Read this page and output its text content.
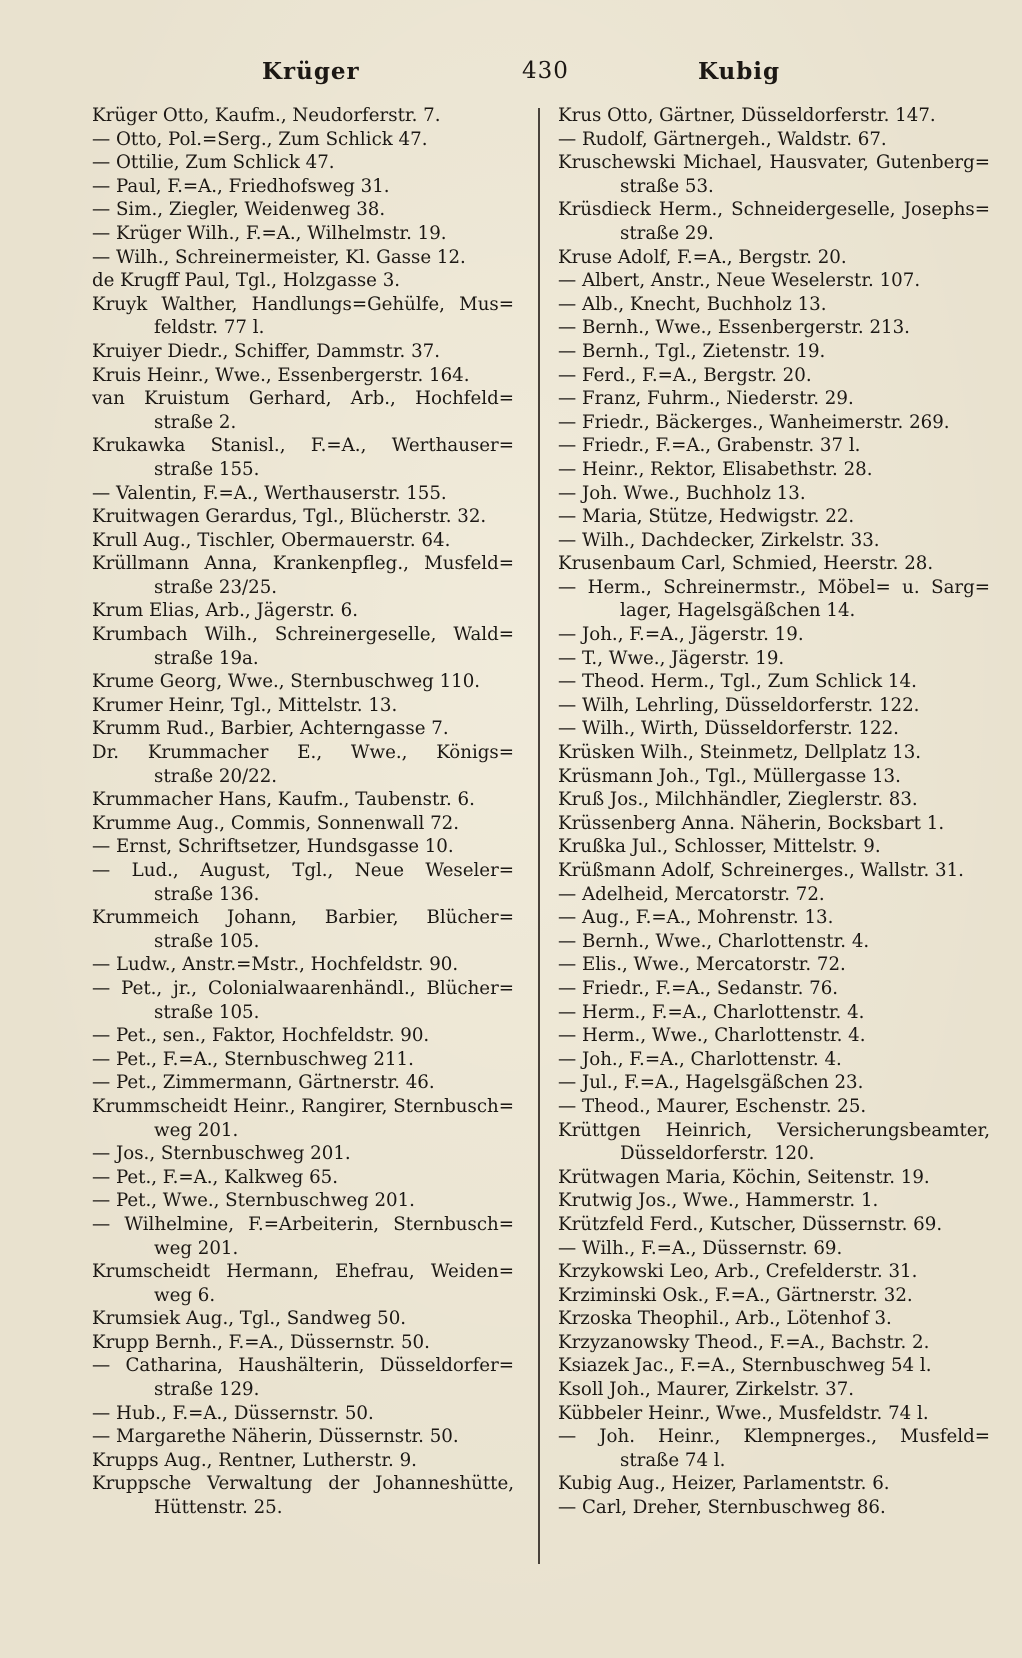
Krüger	430	Kubig
Krüger Otto, Kaufm., Neudorferstr. 7.
— Otto, Pol.=Serg., Zum Schlick 47.
— Ottilie, Zum Schlick 47.
— Paul, F.=A., Friedhofsweg 31.
— Sim., Ziegler, Weidenweg 38.
— Krüger Wilh., F.=A., Wilhelmstr. 19.
— Wilh., Schreinermeister, Kl. Gasse 12.
de Krugff Paul, Tgl., Holzgasse 3.
Kruyk Walther, Handlungs=Gehülfe, Mus=
feldstr. 77 l.
Kruiyer Diedr., Schiffer, Dammstr. 37.
Kruis Heinr., Wwe., Essenbergerstr. 164.
van Kruistum Gerhard, Arb., Hochfeld=
straße 2.
Krukawka Stanisl., F.=A., Werthauser=
straße 155.
— Valentin, F.=A., Werthauserstr. 155.
Kruitwagen Gerardus, Tgl., Blücherstr. 32.
Krull Aug., Tischler, Obermauerstr. 64.
Krüllmann Anna, Krankenpfleg., Musfeld=
straße 23/25.
Krum Elias, Arb., Jägerstr. 6.
Krumbach Wilh., Schreinergeselle, Wald=
straße 19a.
Krume Georg, Wwe., Sternbuschweg 110.
Krumer Heinr, Tgl., Mittelstr. 13.
Krumm Rud., Barbier, Achterngasse 7.
Dr. Krummacher E., Wwe., Königs=
straße 20/22.
Krummacher Hans, Kaufm., Taubenstr. 6.
Krumme Aug., Commis, Sonnenwall 72.
— Ernst, Schriftsetzer, Hundsgasse 10.
— Lud., August, Tgl., Neue Weseler=
straße 136.
Krummeich Johann, Barbier, Blücher=
straße 105.
— Ludw., Anstr.=Mstr., Hochfeldstr. 90.
— Pet., jr., Colonialwaarenhändl., Blücher=
straße 105.
— Pet., sen., Faktor, Hochfeldstr. 90.
— Pet., F.=A., Sternbuschweg 211.
— Pet., Zimmermann, Gärtnerstr. 46.
Krummscheidt Heinr., Rangirer, Sternbusch=
weg 201.
— Jos., Sternbuschweg 201.
— Pet., F.=A., Kalkweg 65.
— Pet., Wwe., Sternbuschweg 201.
— Wilhelmine, F.=Arbeiterin, Sternbusch=
weg 201.
Krumscheidt Hermann, Ehefrau, Weiden=
weg 6.
Krumsiek Aug., Tgl., Sandweg 50.
Krupp Bernh., F.=A., Düssernstr. 50.
— Catharina, Haushälterin, Düsseldorfer=
straße 129.
— Hub., F.=A., Düssernstr. 50.
— Margarethe Näherin, Düssernstr. 50.
Krupps Aug., Rentner, Lutherstr. 9.
Kruppsche Verwaltung der Johanneshütte,
Hüttenstr. 25.
Krus Otto, Gärtner, Düsseldorferstr. 147.
— Rudolf, Gärtnergeh., Waldstr. 67.
Kruschewski Michael, Hausvater, Gutenberg=
straße 53.
Krüsdieck Herm., Schneidergeselle, Josephs=
straße 29.
Kruse Adolf, F.=A., Bergstr. 20.
— Albert, Anstr., Neue Weselerstr. 107.
— Alb., Knecht, Buchholz 13.
— Bernh., Wwe., Essenbergerstr. 213.
— Bernh., Tgl., Zietenstr. 19.
— Ferd., F.=A., Bergstr. 20.
— Franz, Fuhrm., Niederstr. 29.
— Friedr., Bäckerges., Wanheimerstr. 269.
— Friedr., F.=A., Grabenstr. 37 l.
— Heinr., Rektor, Elisabethstr. 28.
— Joh. Wwe., Buchholz 13.
— Maria, Stütze, Hedwigstr. 22.
— Wilh., Dachdecker, Zirkelstr. 33.
Krusenbaum Carl, Schmied, Heerstr. 28.
— Herm., Schreinermstr., Möbel= u. Sarg=
lager, Hagelsgäßchen 14.
— Joh., F.=A., Jägerstr. 19.
— T., Wwe., Jägerstr. 19.
— Theod. Herm., Tgl., Zum Schlick 14.
— Wilh, Lehrling, Düsseldorferstr. 122.
— Wilh., Wirth, Düsseldorferstr. 122.
Krüsken Wilh., Steinmetz, Dellplatz 13.
Krüsmann Joh., Tgl., Müllergasse 13.
Kruß Jos., Milchhändler, Zieglerstr. 83.
Krüssenberg Anna. Näherin, Bocksbart 1.
Krußka Jul., Schlosser, Mittelstr. 9.
Krüßmann Adolf, Schreinerges., Wallstr. 31.
— Adelheid, Mercatorstr. 72.
— Aug., F.=A., Mohrenstr. 13.
— Bernh., Wwe., Charlottenstr. 4.
— Elis., Wwe., Mercatorstr. 72.
— Friedr., F.=A., Sedanstr. 76.
— Herm., F.=A., Charlottenstr. 4.
— Herm., Wwe., Charlottenstr. 4.
— Joh., F.=A., Charlottenstr. 4.
— Jul., F.=A., Hagelsgäßchen 23.
— Theod., Maurer, Eschenstr. 25.
Krüttgen Heinrich, Versicherungsbeamter,
Düsseldorferstr. 120.
Krütwagen Maria, Köchin, Seitenstr. 19.
Krutwig Jos., Wwe., Hammerstr. 1.
Krützfeld Ferd., Kutscher, Düssernstr. 69.
— Wilh., F.=A., Düssernstr. 69.
Krzykowski Leo, Arb., Crefelderstr. 31.
Krziminski Osk., F.=A., Gärtnerstr. 32.
Krzoska Theophil., Arb., Lötenhof 3.
Krzyzanowsky Theod., F.=A., Bachstr. 2.
Ksiazek Jac., F.=A., Sternbuschweg 54 l.
Ksoll Joh., Maurer, Zirkelstr. 37.
Kübbeler Heinr., Wwe., Musfeldstr. 74 l.
— Joh. Heinr., Klempnerges., Musfeld=
straße 74 l.
Kubig Aug., Heizer, Parlamentstr. 6.
— Carl, Dreher, Sternbuschweg 86.
